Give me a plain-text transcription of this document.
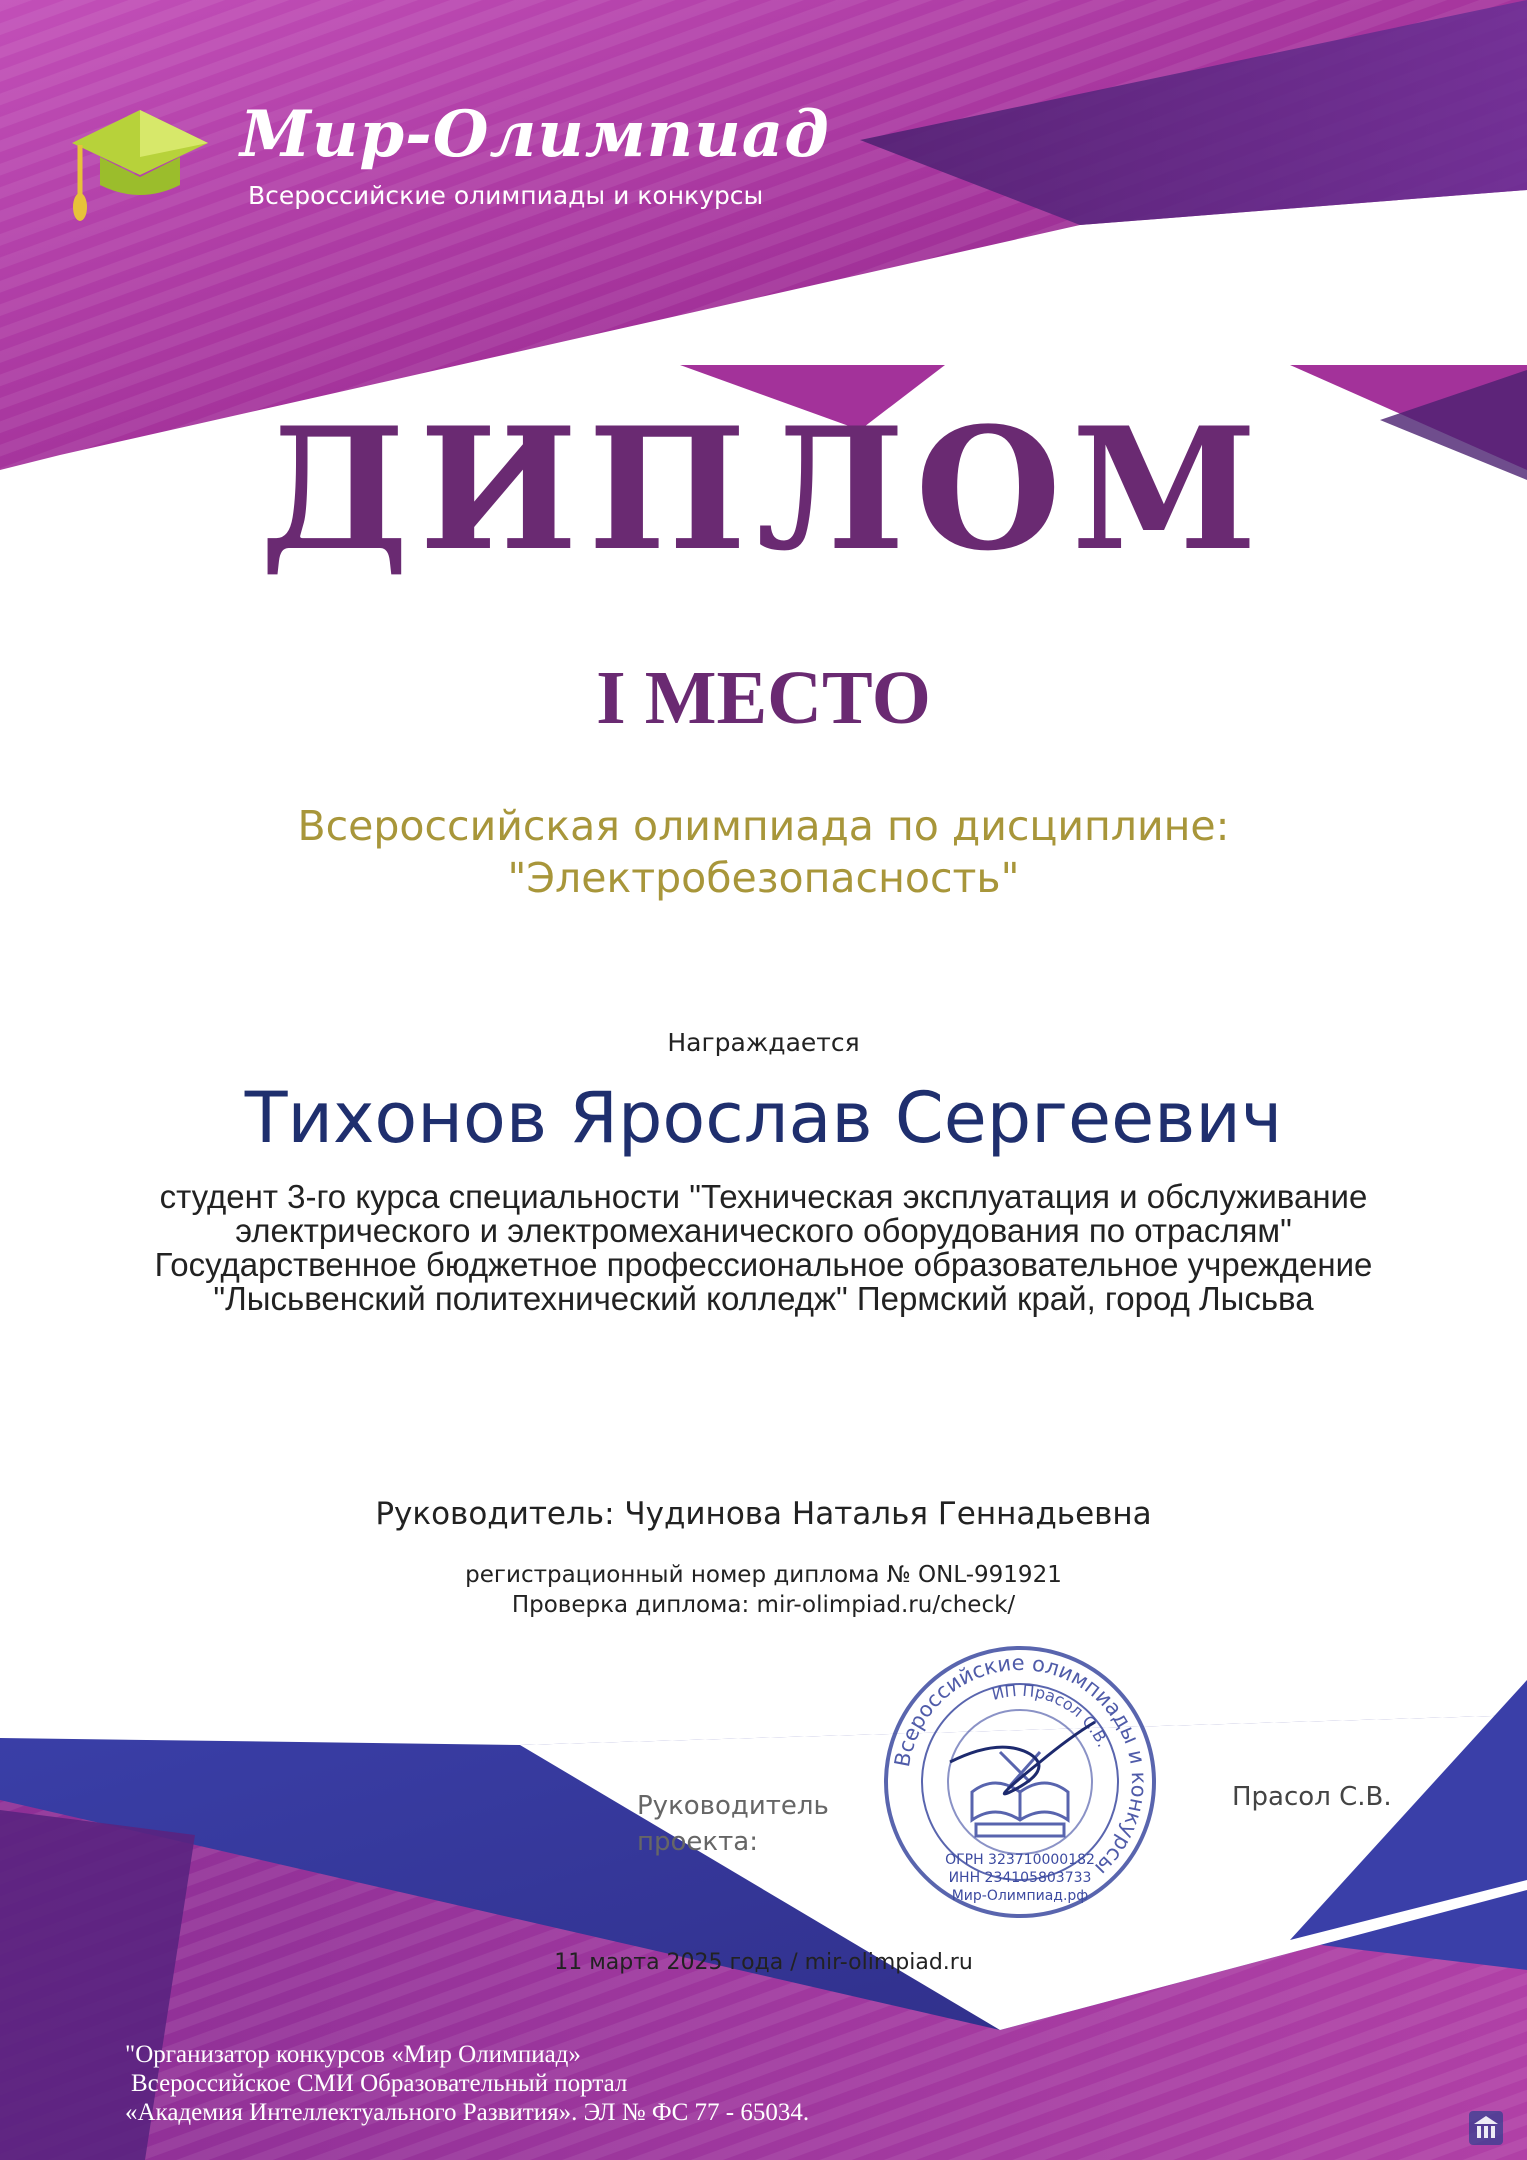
Мир-Олимпиад
Всероссийские олимпиады и конкурсы
ДИПЛОМ
I МЕСТО
Всероссийская олимпиада по дисциплине:
"Электробезопасность"
Награждается
Тихонов Ярослав Сергеевич
студент 3-го курса специальности "Техническая эксплуатация и обслуживание электрического и электромеханического оборудования по отраслям" Государственное бюджетное профессиональное образовательное учреждение "Лысьвенский политехнический колледж" Пермский край, город Лысьва
Руководитель: Чудинова Наталья Геннадьевна
регистрационный номер диплома № ONL-991921
Проверка диплома: mir-olimpiad.ru/check/
Всероссийские олимпиады и конкурсы
ИП Прасол С.В.
ОГРН 323710000182
ИНН 234105803733
Мир-Олимпиад.рф
Руководитель
проекта:
Прасол С.В.
11 марта 2025 года / mir-olimpiad.ru
"Организатор конкурсов «Мир Олимпиад»
Всероссийское СМИ Образовательный портал
«Академия Интеллектуального Развития». ЭЛ № ФС 77 - 65034.
